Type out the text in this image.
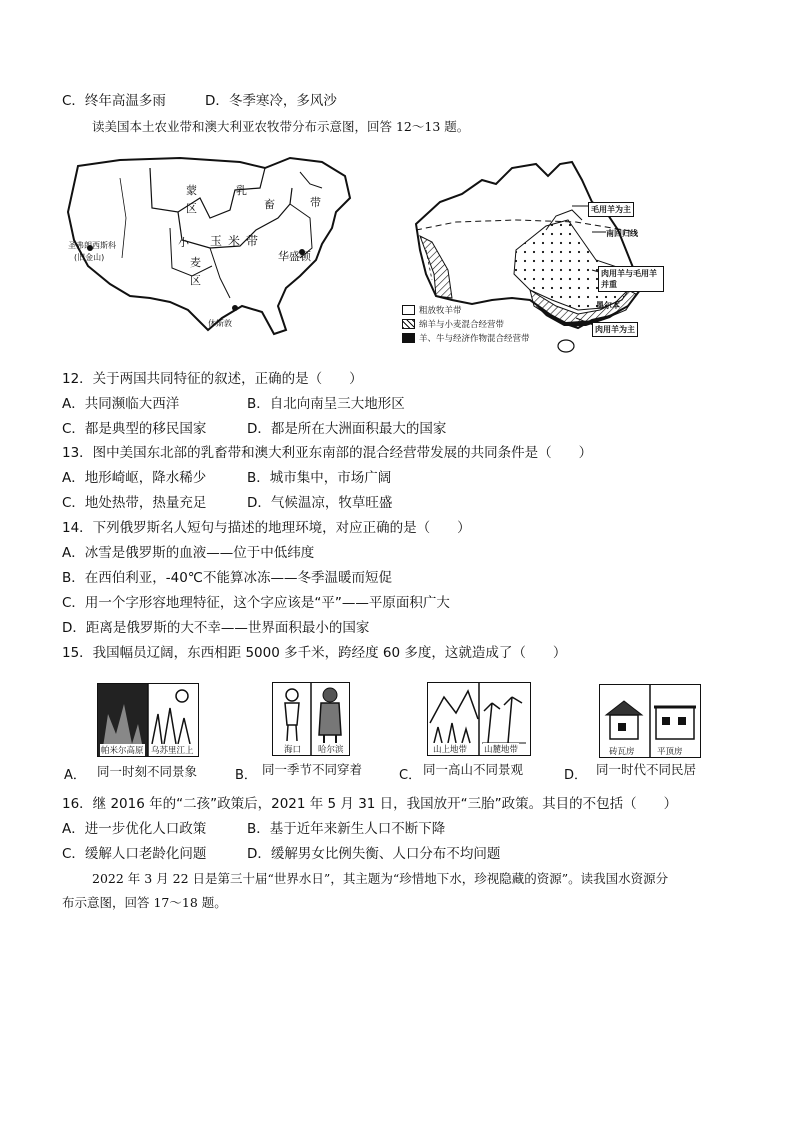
C．终年高温多雨	D．冬季寒冷，多风沙
读美国本土农业带和澳大利亚农牧带分布示意图，回答 12～13 题。
蒙
区
乳
畜	带
小
麦
区
玉米带
华盛顿
圣弗朗西斯科
(旧金山)
休斯敦
毛用羊为主
南回归线
肉用羊与毛用羊并重
墨尔本
肉用羊为主
粗放牧羊带
绵羊与小麦混合经营带
羊、牛与经济作物混合经营带
12．关于两国共同特征的叙述，正确的是（　　）
A．共同濒临大西洋	B．自北向南呈三大地形区
C．都是典型的移民国家	D．都是所在大洲面积最大的国家
13．图中美国东北部的乳畜带和澳大利亚东南部的混合经营带发展的共同条件是（　　）
A．地形崎岖，降水稀少	B．城市集中，市场广阔
C．地处热带，热量充足	D．气候温凉，牧草旺盛
14．下列俄罗斯名人短句与描述的地理环境，对应正确的是（　　）
A．冰雪是俄罗斯的血液——位于中低纬度
B．在西伯利亚，-40℃不能算冰冻——冬季温暖而短促
C．用一个字形容地理特征，这个字应该是“平”——平原面积广大
D．距离是俄罗斯的大不幸——世界面积最小的国家
15．我国幅员辽阔，东西相距 5000 多千米，跨经度 60 多度，这就造成了（　　）
A．
帕米尔高原 乌苏里江上
同一时刻不同景象	B．
海口 哈尔滨
同一季节不同穿着	C．
山上地带 山麓地带
同一高山不同景观	D．
砖瓦房	平顶房
同一时代不同民居
16．继 2016 年的“二孩”政策后，2021 年 5 月 31 日，我国放开“三胎”政策。其目的不包括（　　）
A．进一步优化人口政策	B．基于近年来新生人口不断下降
C．缓解人口老龄化问题	D．缓解男女比例失衡、人口分布不均问题
2022 年 3 月 22 日是第三十届“世界水日”，其主题为“珍惜地下水，珍视隐藏的资源”。读我国水资源分
布示意图，回答 17～18 题。
